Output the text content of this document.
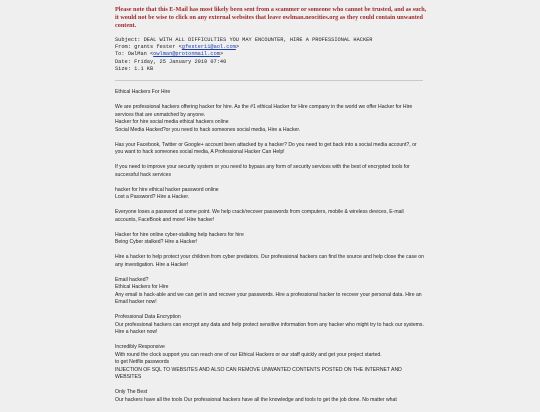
Please note that this E-Mail has most likely been sent from a scammer or someone who cannot be trusted, and as such, it would not be wise to click on any external websites that leave owlman.neocities.org as they could contain unwanted content.
Subject: DEAL WITH ALL DIFFICULTIES YOU MAY ENCOUNTER, HIRE A PROFESSIONAL HACKER
From: grants fester <gfester11@aol.com>
To: OwlMan <owlman@protonmail.com>
Date: Friday, 25 January 2019 07:40
Size: 1.1 KB
Ethical Hackers For Hire
We are professional hackers offering hacker for hire. As the #1 ethical Hacker for Hire company in the world we offer Hacker for Hire services that are unmatched by anyone.
Hacker for hire social media ethical hackers online
Social Media Hacked?or you need to hack someones social media, Hire a Hacker.
Has your Facebook, Twitter or Google+ account been attacked by a hacker? Do you need to get back into a social media account?, or you want to hack someones social media, A Professional Hacker Can Help!
If you need to improve your security system or you need to bypass any form of security services with the best of encrypted tools for successful hack services
hacker for hire ethical hacker password online
Lost a Password? Hire a Hacker.
Everyone loses a password at some point. We help crack/recover passwords from computers, mobile & wireless devices, E-mail accounts, FaceBook and more! Hire hacker!
Hacker for hire online cyber-stalking help hackers for hire
Being Cyber stalked? Hire a Hacker!
Hire a hacker to help protect your children from cyber predators. Our professional hackers can find the source and help close the case on any investigation. Hire a Hacker!
Email hacked?
Ethical Hackers for Hire
Any email is hack-able and we can get in and recover your passwords. Hire a professional hacker to recover your personal data. Hire an Email hacker now!
Professional Data Encryption
Our professional hackers can encrypt any data and help protect sensitive information from any hacker who might try to hack our systems. Hire a hacker now!
Incredibly Responsive
With round the clock support you can reach one of our Ethical Hackers or our staff quickly and get your project started.
to get Netflix passwords
INJECTION OF SQL TO WEBSITES AND ALSO CAN REMOVE UNWANTED CONTENTS POSTED ON THE INTERNET AND WEBSITES
Only The Best
Our hackers have all the tools Our professional hackers have all the knowledge and tools to get the job done. No matter what
